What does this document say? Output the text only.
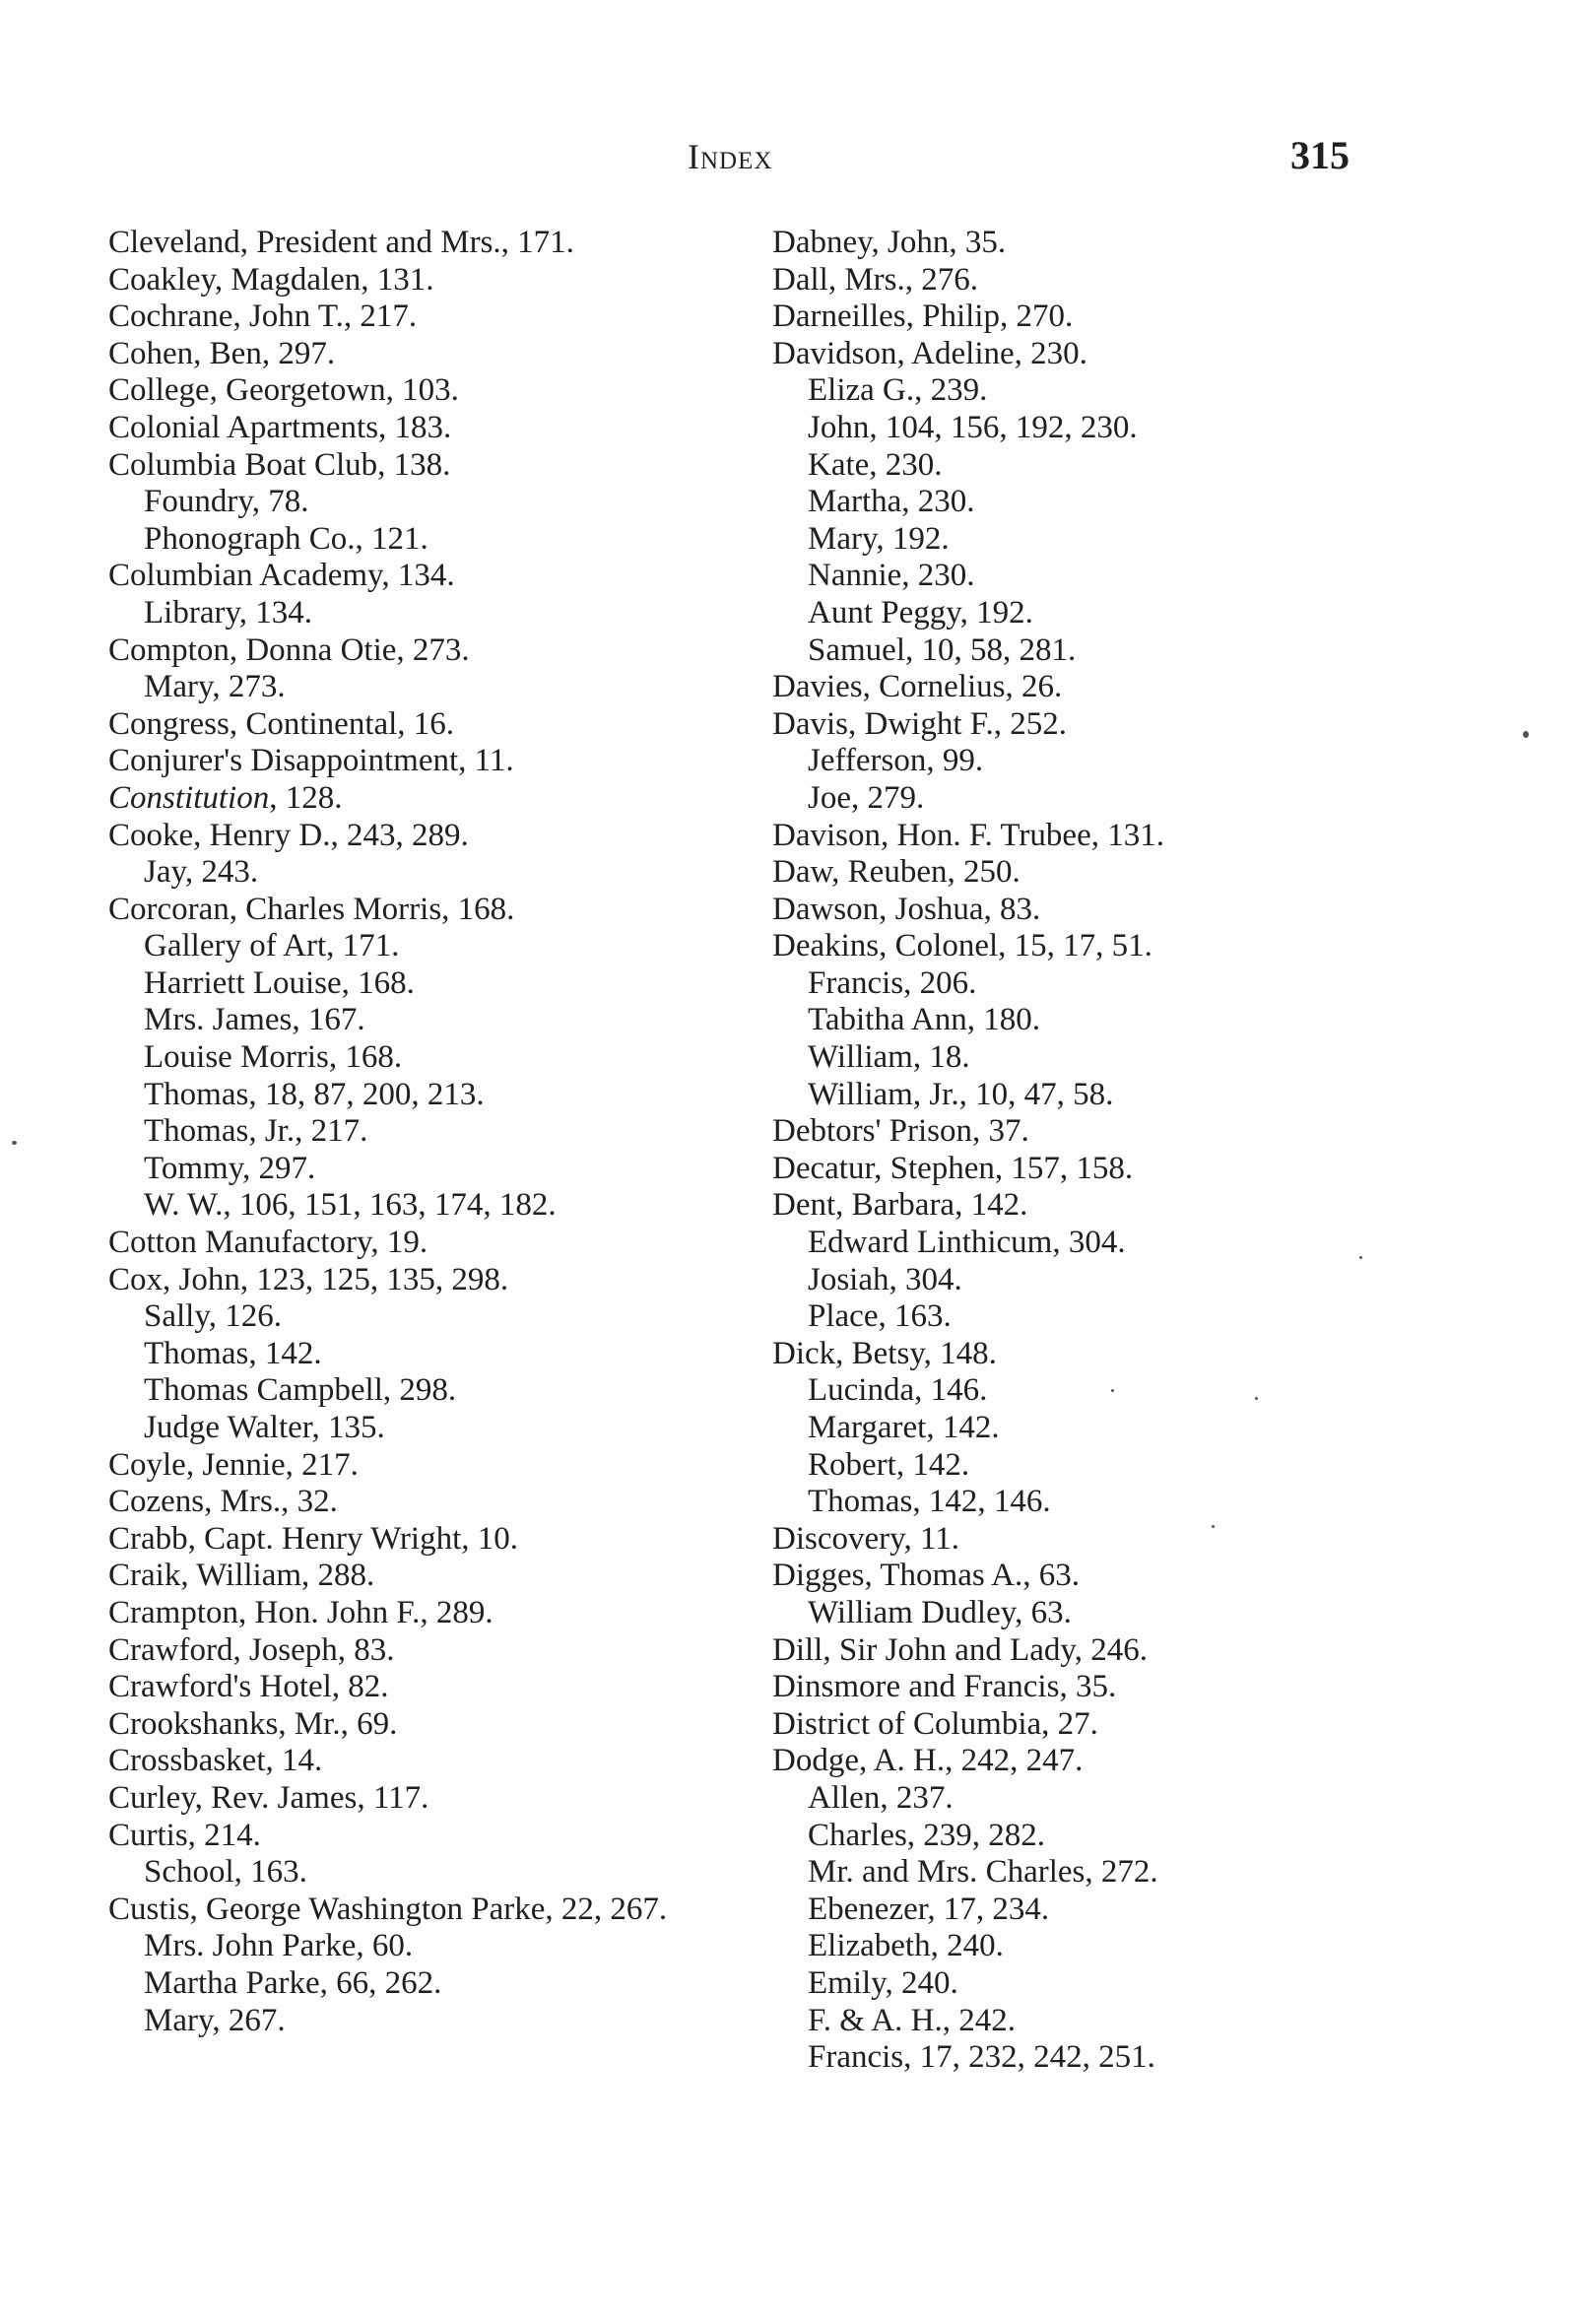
Index	315
Cleveland, President and Mrs., 171.
Coakley, Magdalen, 131.
Cochrane, John T., 217.
Cohen, Ben, 297.
College, Georgetown, 103.
Colonial Apartments, 183.
Columbia Boat Club, 138.
Foundry, 78.
Phonograph Co., 121.
Columbian Academy, 134.
Library, 134.
Compton, Donna Otie, 273.
Mary, 273.
Congress, Continental, 16.
Conjurer's Disappointment, 11.
Constitution, 128.
Cooke, Henry D., 243, 289.
Jay, 243.
Corcoran, Charles Morris, 168.
Gallery of Art, 171.
Harriett Louise, 168.
Mrs. James, 167.
Louise Morris, 168.
Thomas, 18, 87, 200, 213.
Thomas, Jr., 217.
Tommy, 297.
W. W., 106, 151, 163, 174, 182.
Cotton Manufactory, 19.
Cox, John, 123, 125, 135, 298.
Sally, 126.
Thomas, 142.
Thomas Campbell, 298.
Judge Walter, 135.
Coyle, Jennie, 217.
Cozens, Mrs., 32.
Crabb, Capt. Henry Wright, 10.
Craik, William, 288.
Crampton, Hon. John F., 289.
Crawford, Joseph, 83.
Crawford's Hotel, 82.
Crookshanks, Mr., 69.
Crossbasket, 14.
Curley, Rev. James, 117.
Curtis, 214.
School, 163.
Custis, George Washington Parke, 22, 267.
Mrs. John Parke, 60.
Martha Parke, 66, 262.
Mary, 267.
Dabney, John, 35.
Dall, Mrs., 276.
Darneilles, Philip, 270.
Davidson, Adeline, 230.
Eliza G., 239.
John, 104, 156, 192, 230.
Kate, 230.
Martha, 230.
Mary, 192.
Nannie, 230.
Aunt Peggy, 192.
Samuel, 10, 58, 281.
Davies, Cornelius, 26.
Davis, Dwight F., 252.
Jefferson, 99.
Joe, 279.
Davison, Hon. F. Trubee, 131.
Daw, Reuben, 250.
Dawson, Joshua, 83.
Deakins, Colonel, 15, 17, 51.
Francis, 206.
Tabitha Ann, 180.
William, 18.
William, Jr., 10, 47, 58.
Debtors' Prison, 37.
Decatur, Stephen, 157, 158.
Dent, Barbara, 142.
Edward Linthicum, 304.
Josiah, 304.
Place, 163.
Dick, Betsy, 148.
Lucinda, 146.
Margaret, 142.
Robert, 142.
Thomas, 142, 146.
Discovery, 11.
Digges, Thomas A., 63.
William Dudley, 63.
Dill, Sir John and Lady, 246.
Dinsmore and Francis, 35.
District of Columbia, 27.
Dodge, A. H., 242, 247.
Allen, 237.
Charles, 239, 282.
Mr. and Mrs. Charles, 272.
Ebenezer, 17, 234.
Elizabeth, 240.
Emily, 240.
F. & A. H., 242.
Francis, 17, 232, 242, 251.
